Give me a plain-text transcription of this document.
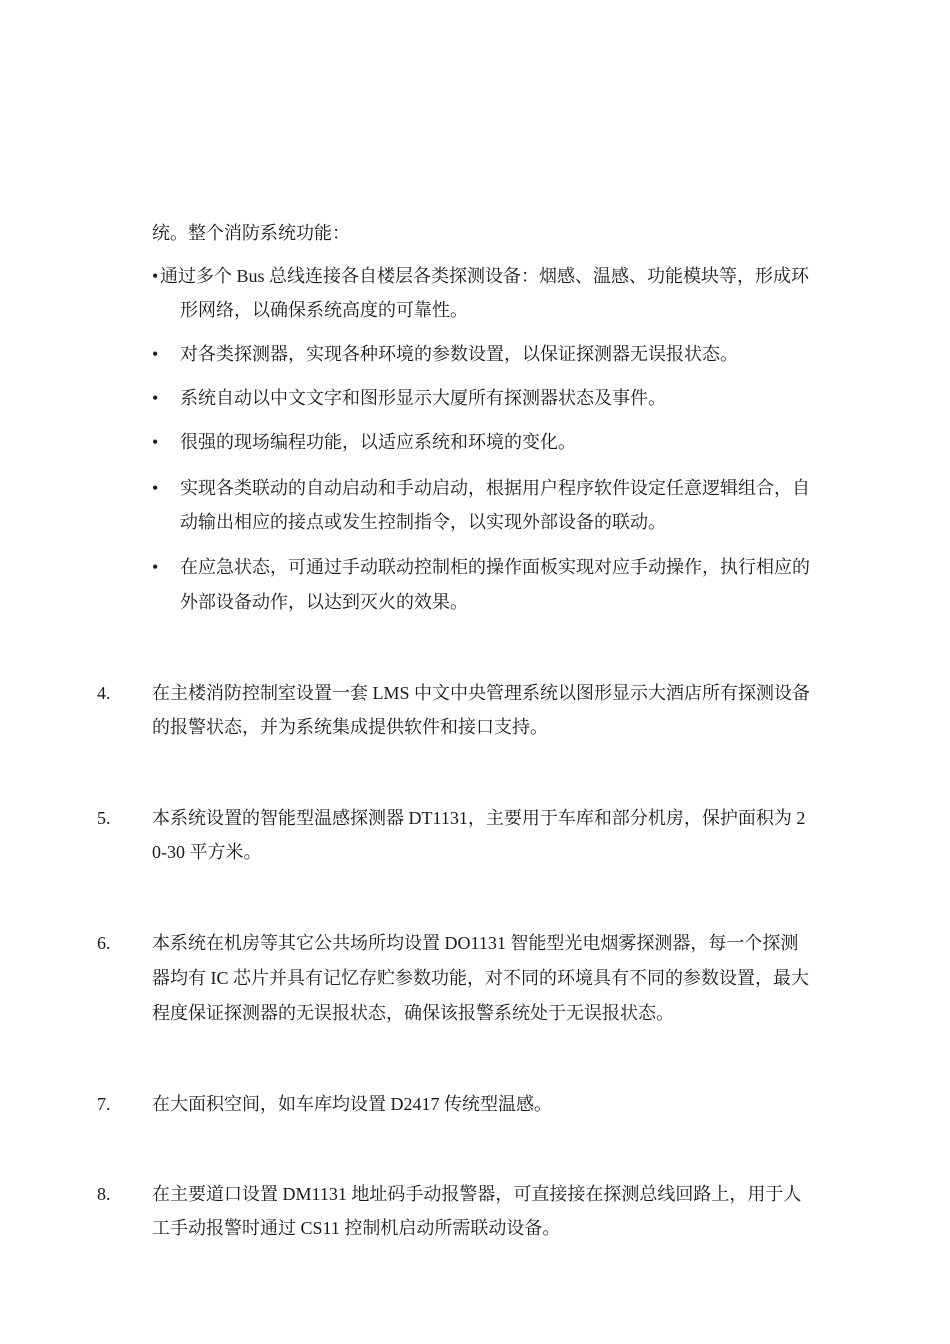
统。整个消防系统功能：
• 通过多个 Bus 总线连接各自楼层各类探测设备：烟感、温感、功能模块等，形成环
形网络，以确保系统高度的可靠性。
• 对各类探测器，实现各种环境的参数设置，以保证探测器无误报状态。
• 系统自动以中文文字和图形显示大厦所有探测器状态及事件。
• 很强的现场编程功能，以适应系统和环境的变化。
• 实现各类联动的自动启动和手动启动，根据用户程序软件设定任意逻辑组合，自
动输出相应的接点或发生控制指令，以实现外部设备的联动。
• 在应急状态，可通过手动联动控制柜的操作面板实现对应手动操作，执行相应的
外部设备动作，以达到灭火的效果。
4. 在主楼消防控制室设置一套 LMS 中文中央管理系统以图形显示大酒店所有探测设备
的报警状态，并为系统集成提供软件和接口支持。
5. 本系统设置的智能型温感探测器 DT1131，主要用于车库和部分机房，保护面积为 2
0-30 平方米。
6. 本系统在机房等其它公共场所均设置 DO1131 智能型光电烟雾探测器，每一个探测
器均有 IC 芯片并具有记忆存贮参数功能，对不同的环境具有不同的参数设置，最大
程度保证探测器的无误报状态，确保该报警系统处于无误报状态。
7. 在大面积空间，如车库均设置 D2417 传统型温感。
8. 在主要道口设置 DM1131 地址码手动报警器，可直接接在探测总线回路上，用于人
工手动报警时通过 CS11 控制机启动所需联动设备。
